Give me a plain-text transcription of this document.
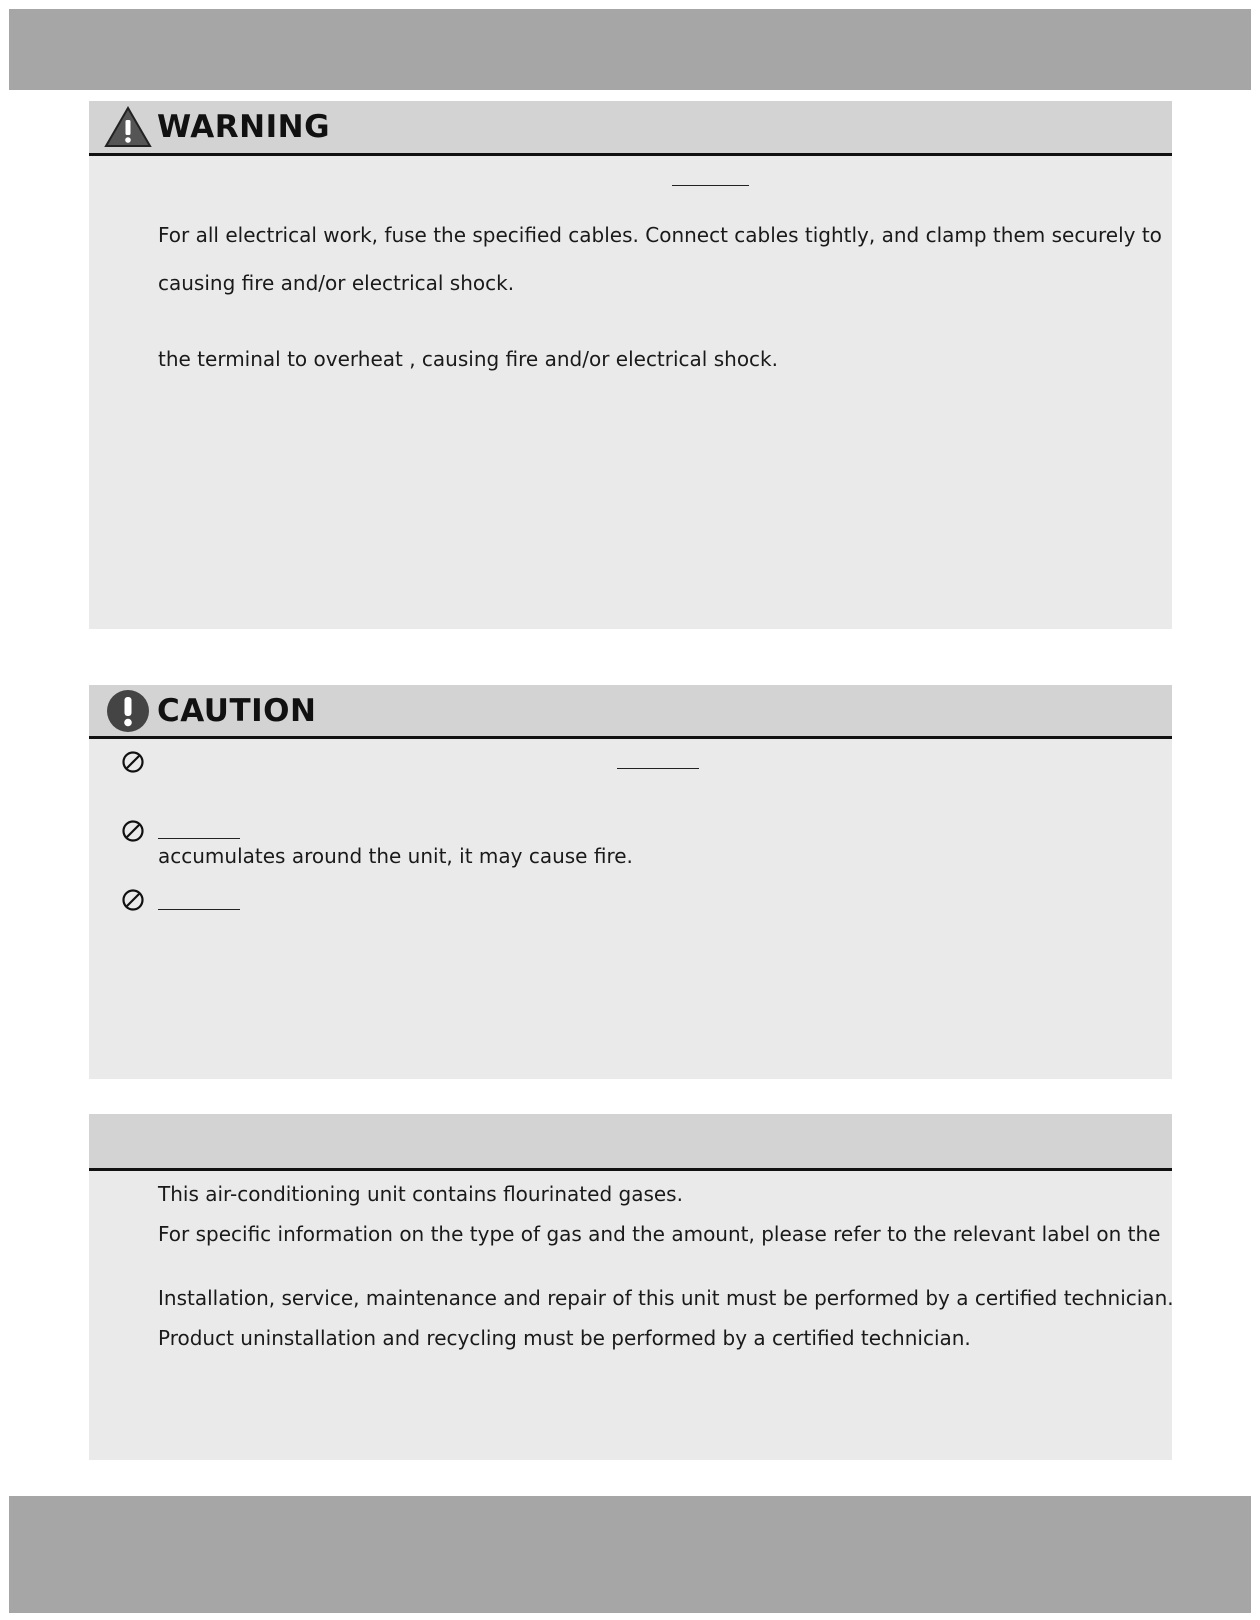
WARNING
For all electrical work, fuse the specified cables. Connect cables tightly, and clamp them securely to
causing fire and/or electrical shock.
the terminal to overheat , causing fire and/or electrical shock.
CAUTION
accumulates around the unit, it may cause fire.
This air-conditioning unit contains flourinated gases.
For specific information on the type of gas and the amount, please refer to the relevant label on the
Installation, service, maintenance and repair of this unit must be performed by a certified technician.
Product uninstallation and recycling must be performed by a certified technician.
